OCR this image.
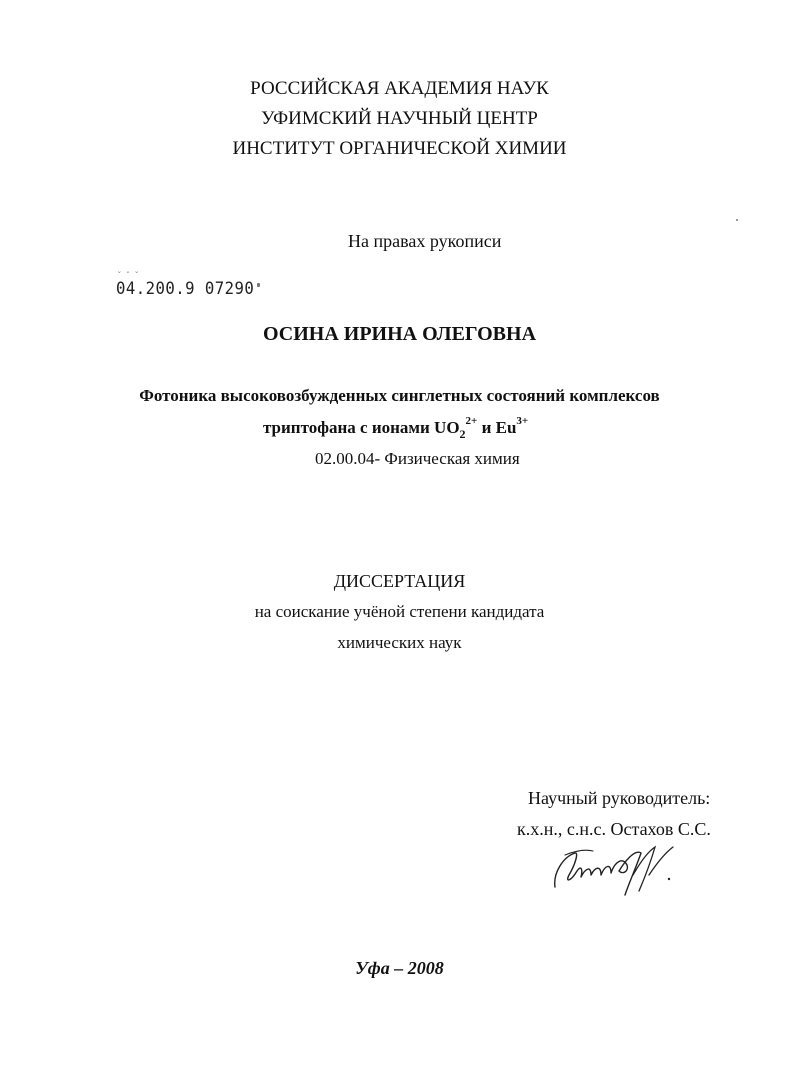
РОССИЙСКАЯ АКАДЕМИЯ НАУК
УФИМСКИЙ НАУЧНЫЙ ЦЕНТР
ИНСТИТУТ ОРГАНИЧЕСКОЙ ХИМИИ
На правах рукописи
˘ ˘ ˘
04.200.9 07290
ОСИНА ИРИНА ОЛЕГОВНА
Фотоника высоковозбужденных синглетных состояний комплексов
триптофана с ионами $UO_2^{2+}$ и $Eu^{3+}$
02.00.04- Физическая химия
ДИССЕРТАЦИЯ
на соискание учёной степени кандидата
химических наук
Научный руководитель:
к.х.н., с.н.с. Остахов С.С.
Уфа – 2008
